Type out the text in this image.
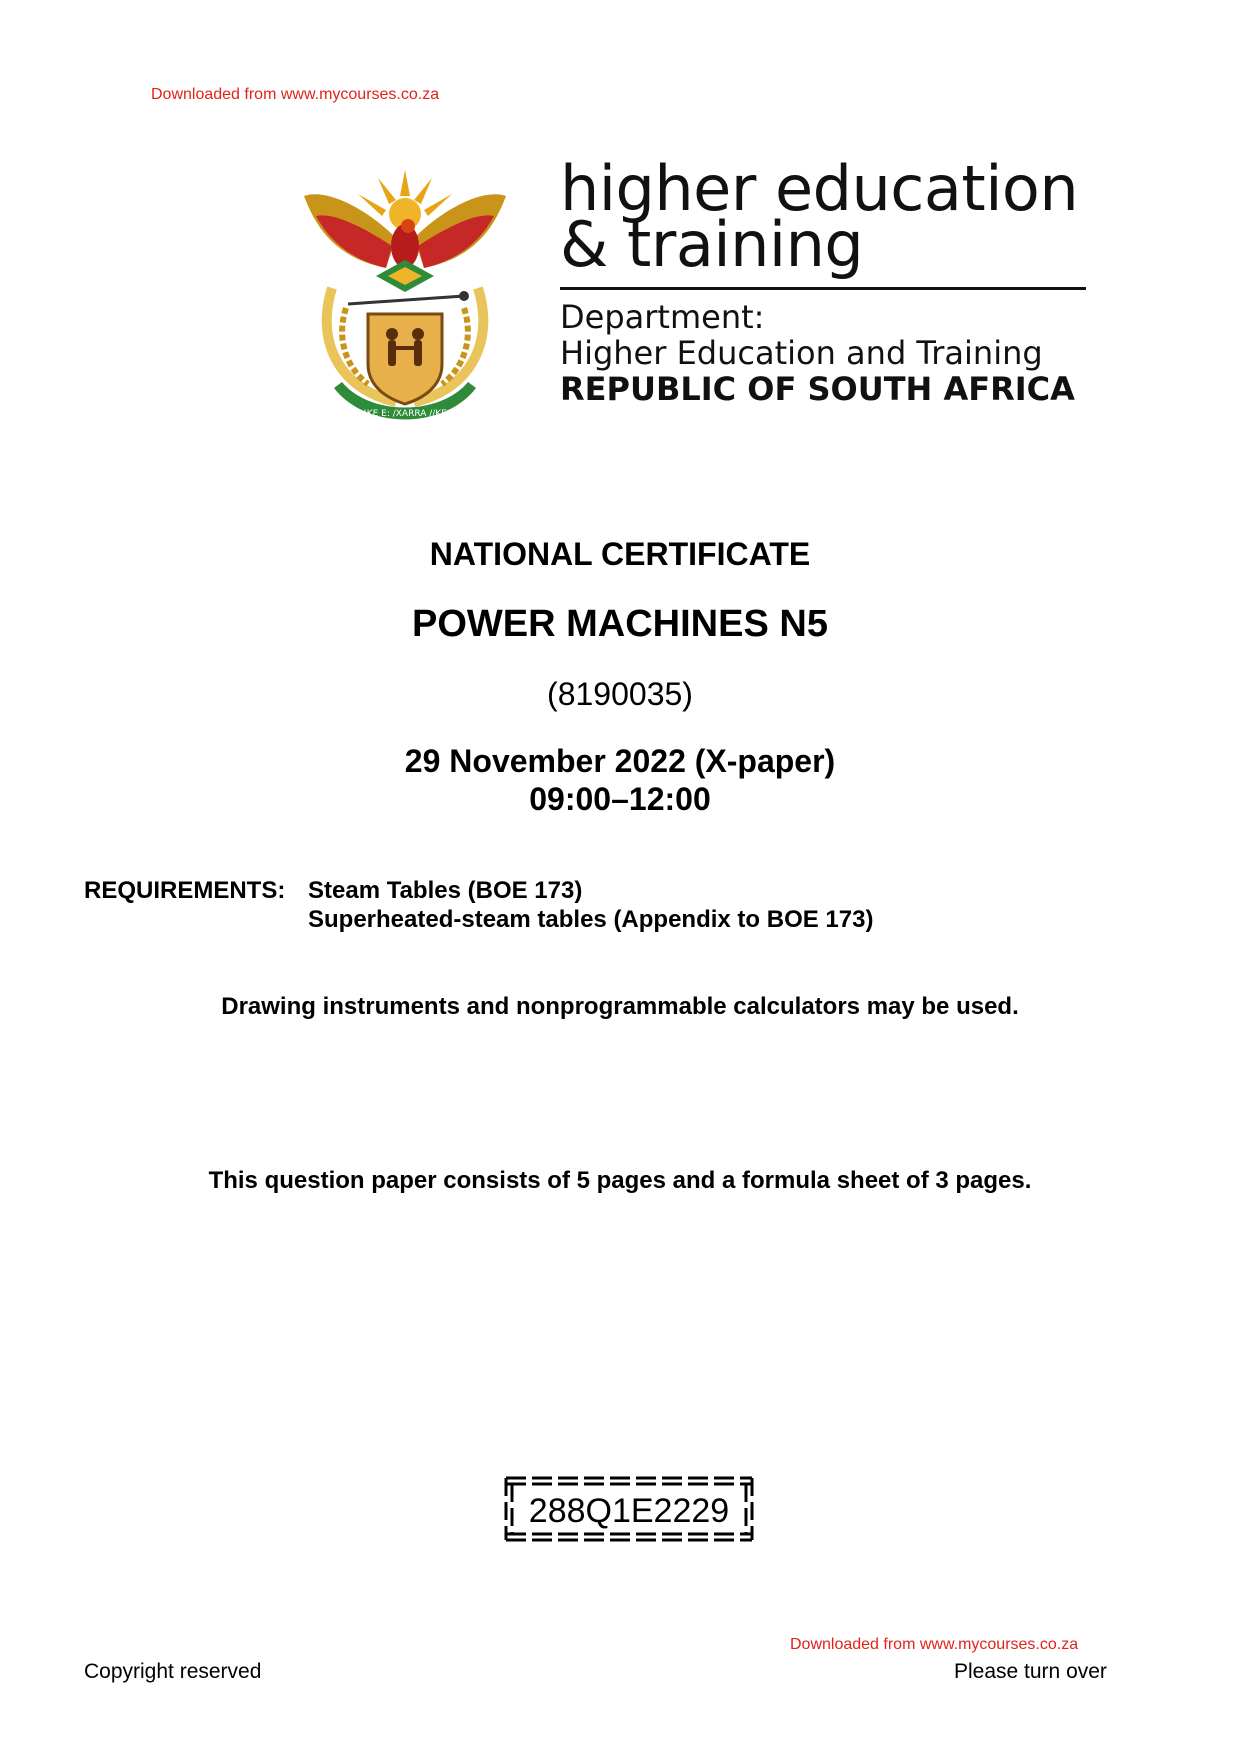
Downloaded from www.mycourses.co.za
!KE E: /XARRA //KE
higher education
& training
Department:
Higher Education and Training
REPUBLIC OF SOUTH AFRICA
NATIONAL CERTIFICATE
POWER MACHINES N5
(8190035)
29 November 2022 (X-paper)
09:00–12:00
REQUIREMENTS: Steam Tables (BOE 173)
Superheated-steam tables (Appendix to BOE 173)
Drawing instruments and nonprogrammable calculators may be used.
This question paper consists of 5 pages and a formula sheet of 3 pages.
288Q1E2229
Downloaded from www.mycourses.co.za
Copyright reserved	Please turn over
